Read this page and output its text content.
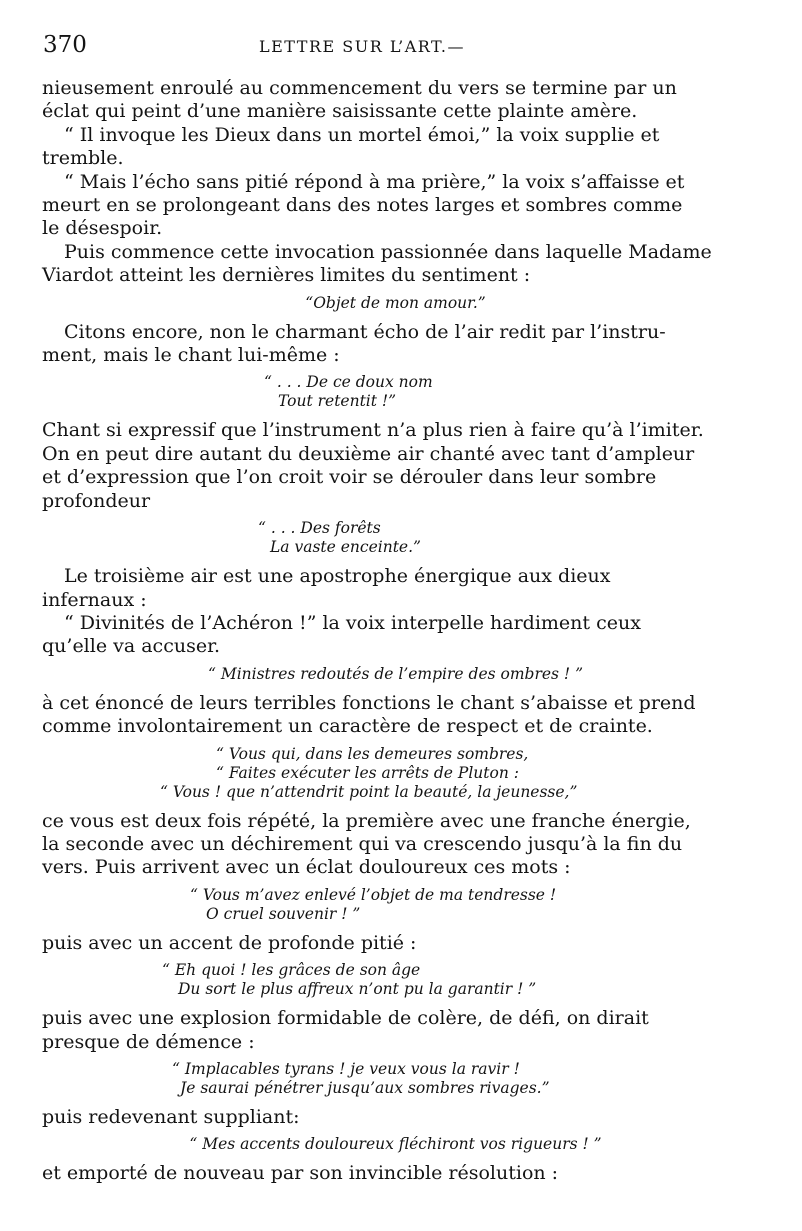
370	LETTRE SUR L’ART.—

nieusement enroulé au commencement du vers se termine par un

éclat qui peint d’une manière saisissante cette plainte amère.

“ Il invoque les Dieux dans un mortel émoi,” la voix supplie et

tremble.

“ Mais l’écho sans pitié répond à ma prière,” la voix s’affaisse et

meurt en se prolongeant dans des notes larges et sombres comme

le désespoir.

Puis commence cette invocation passionnée dans laquelle Madame

Viardot atteint les dernières limites du sentiment :

“Objet de mon amour.”

Citons encore, non le charmant écho de l’air redit par l’instru-

ment, mais le chant lui-même :

“ . . . De ce doux nom
Tout retentit !”

Chant si expressif que l’instrument n’a plus rien à faire qu’à l’imiter.

On en peut dire autant du deuxième air chanté avec tant d’ampleur

et d’expression que l’on croit voir se dérouler dans leur sombre

profondeur

“ . . . Des forêts
La vaste enceinte.”

Le troisième air est une apostrophe énergique aux dieux

infernaux :

“ Divinités de l’Achéron !” la voix interpelle hardiment ceux

qu’elle va accuser.

“ Ministres redoutés de l’empire des ombres ! ”

à cet énoncé de leurs terribles fonctions le chant s’abaisse et prend

comme involontairement un caractère de respect et de crainte.

“ Vous qui, dans les demeures sombres,
“ Faites exécuter les arrêts de Pluton :
“ Vous ! que n’attendrit point la beauté, la jeunesse,”

ce vous est deux fois répété, la première avec une franche énergie,

la seconde avec un déchirement qui va crescendo jusqu’à la fin du

vers. Puis arrivent avec un éclat douloureux ces mots :

“ Vous m’avez enlevé l’objet de ma tendresse !
O cruel souvenir ! ”

puis avec un accent de profonde pitié :

“ Eh quoi ! les grâces de son âge
Du sort le plus affreux n’ont pu la garantir ! ”

puis avec une explosion formidable de colère, de défi, on dirait

presque de démence :

“ Implacables tyrans ! je veux vous la ravir !
Je saurai pénétrer jusqu’aux sombres rivages.”

puis redevenant suppliant:

“ Mes accents douloureux fléchiront vos rigueurs ! ”

et emporté de nouveau par son invincible résolution :
